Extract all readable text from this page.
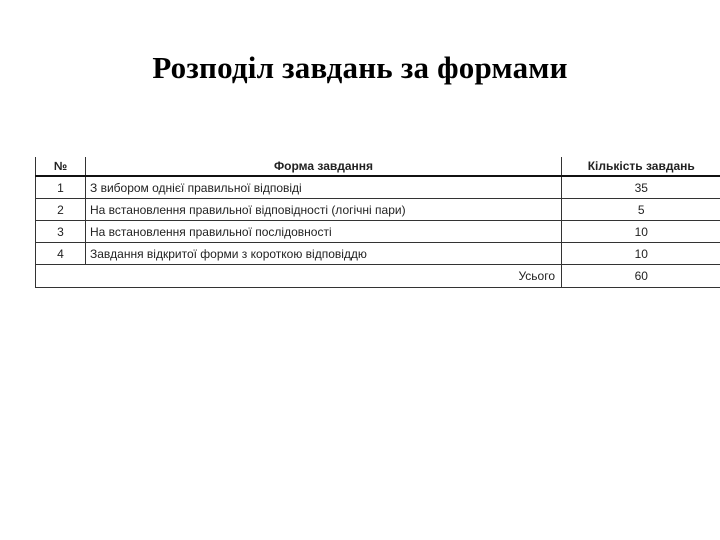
Розподіл завдань за формами
№	Форма завдання	Кількість завдань
1	З вибором однієї правильної відповіді	35
2	На встановлення правильної відповідності (логічні пари)	5
3	На встановлення правильної послідовності	10
4	Завдання відкритої форми з короткою відповіддю	10
Усього		60
